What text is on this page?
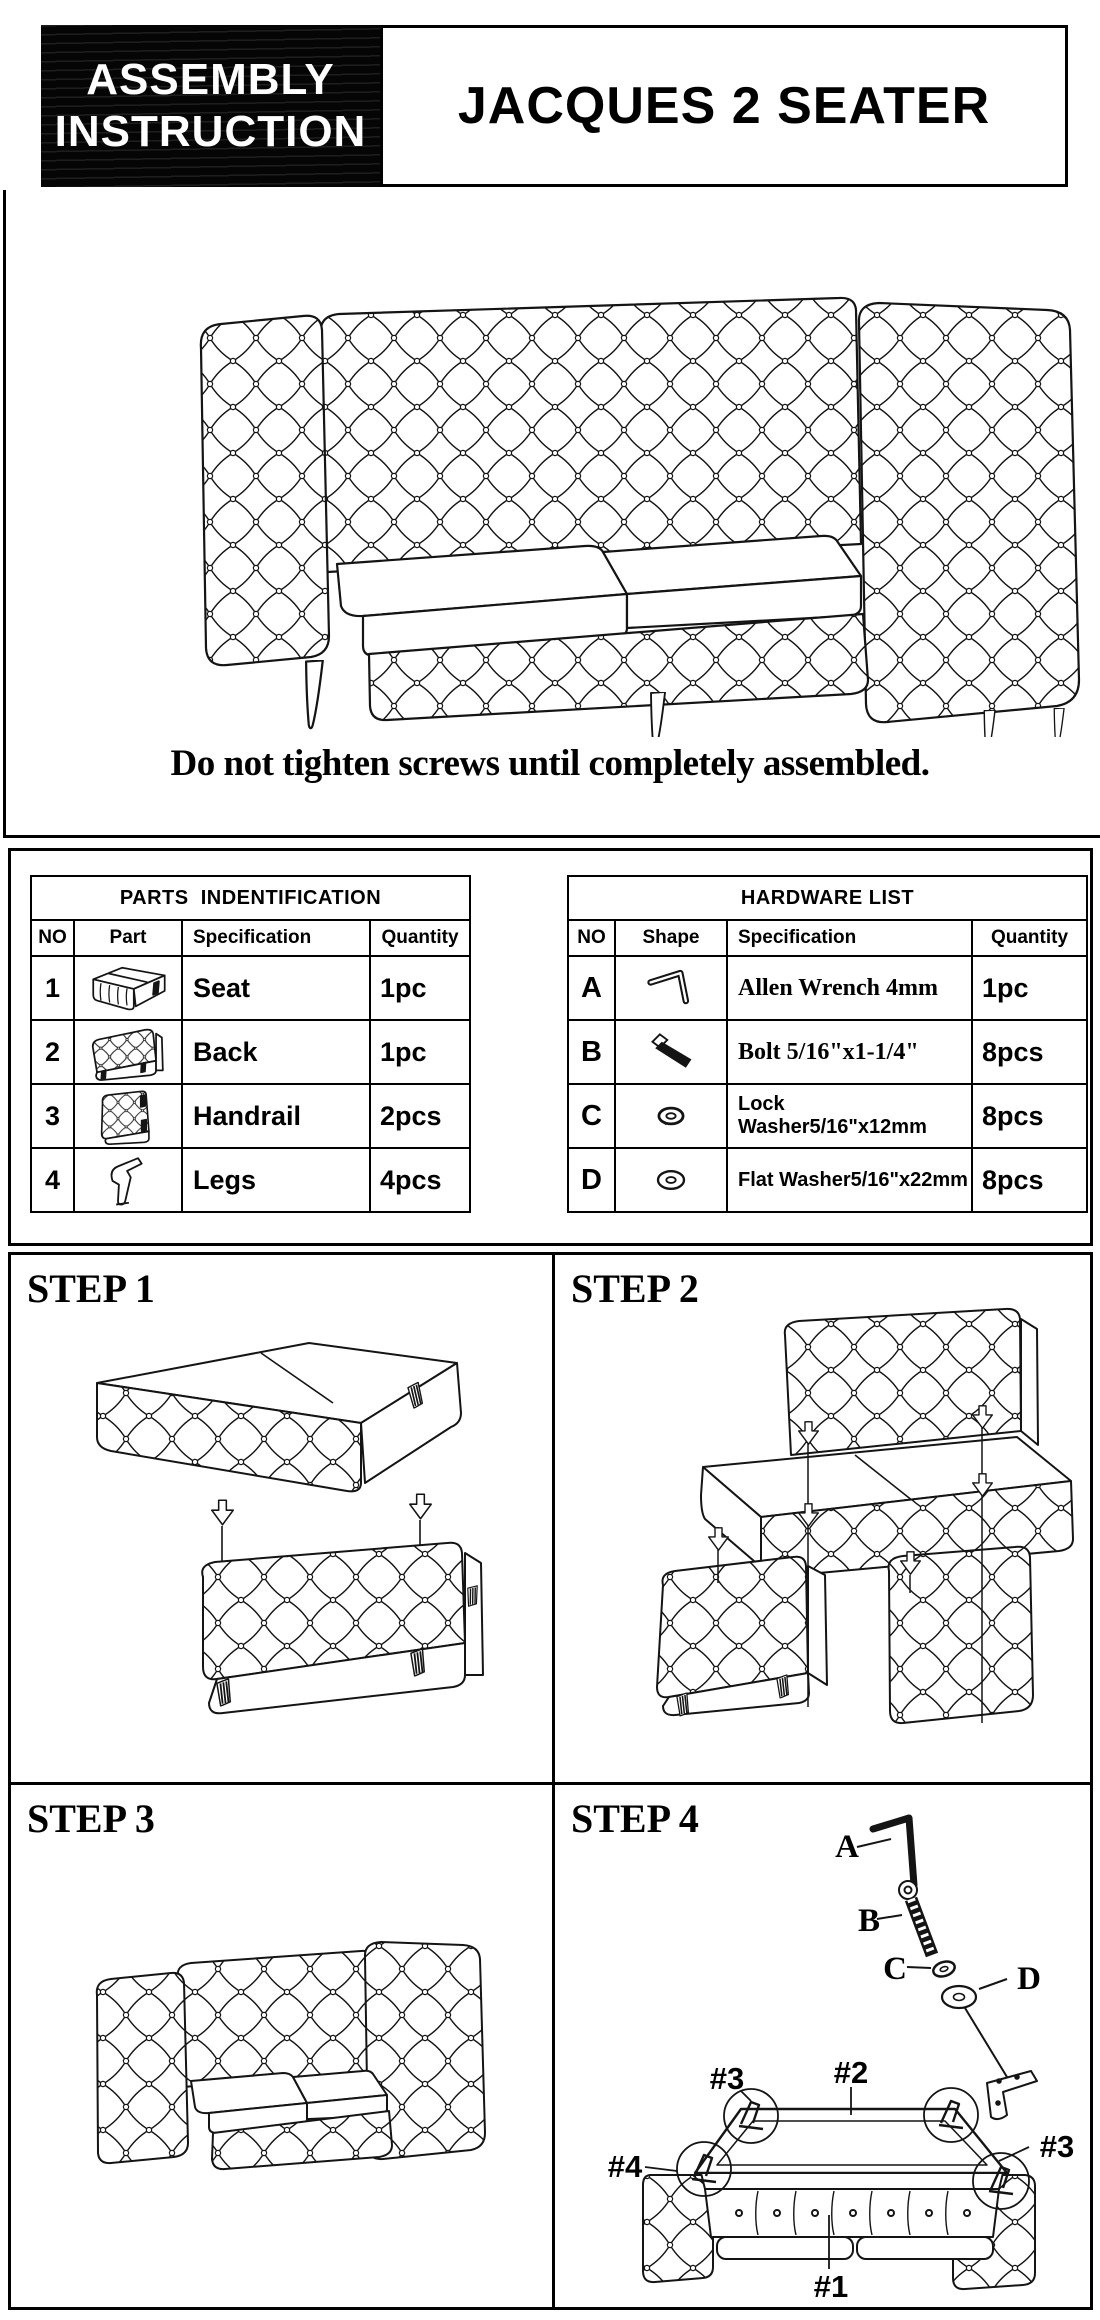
ASSEMBLY
INSTRUCTION	JACQUES 2 SEATER
Do not tighten screws until completely assembled.
PARTS  INDENTIFICATION
NO	Part	Specification	Quantity
1	Seat	1pc
2	Back	1pc
3	Handrail	2pcs
4	Legs	4pcs
HARDWARE LIST
NO	Shape	Specification	Quantity
A	Allen Wrench 4mm	1pc
B	Bolt 5/16"x1-1/4"	8pcs
C	Lock Washer5/16"x12mm	8pcs
D	Flat Washer5/16"x22mm 8pcs
STEP 1	STEP 2
STEP 3	STEP 4
A
B
C	D
#2
#3
#3
#4
#1
